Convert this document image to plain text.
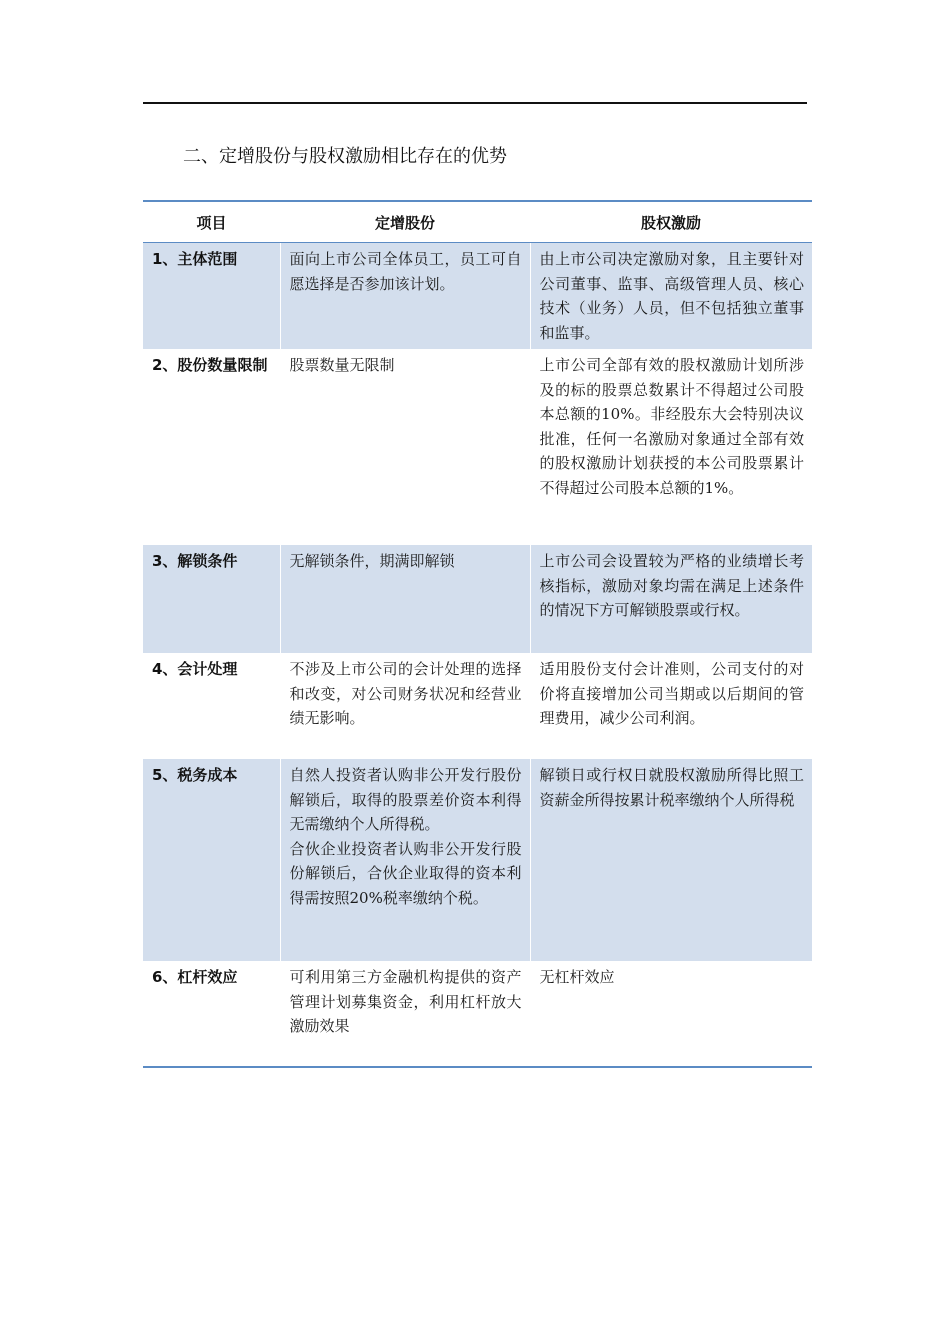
二、定增股份与股权激励相比存在的优势
项目	定增股份	股权激励
1、主体范围	面向上市公司全体员工，员工可自愿选择是否参加该计划。	由上市公司决定激励对象，且主要针对公司董事、监事、高级管理人员、核心技术（业务）人员，但不包括独立董事和监事。

2、股份数量限制	股票数量无限制	上市公司全部有效的股权激励计划所涉及的标的股票总数累计不得超过公司股本总额的10%。非经股东大会特别决议批准，任何一名激励对象通过全部有效的股权激励计划获授的本公司股票累计不得超过公司股本总额的1%。

3、解锁条件	无解锁条件，期满即解锁	上市公司会设置较为严格的业绩增长考核指标，激励对象均需在满足上述条件的情况下方可解锁股票或行权。

4、会计处理	不涉及上市公司的会计处理的选择和改变，对公司财务状况和经营业绩无影响。	适用股份支付会计准则，公司支付的对价将直接增加公司当期或以后期间的管理费用，减少公司利润。

5、税务成本	自然人投资者认购非公开发行股份解锁后，取得的股票差价资本利得无需缴纳个人所得税。
合伙企业投资者认购非公开发行股份解锁后，合伙企业取得的资本利得需按照20%税率缴纳个税。	解锁日或行权日就股权激励所得比照工资薪金所得按累计税率缴纳个人所得税

6、杠杆效应	可利用第三方金融机构提供的资产管理计划募集资金，利用杠杆放大激励效果	无杠杆效应
